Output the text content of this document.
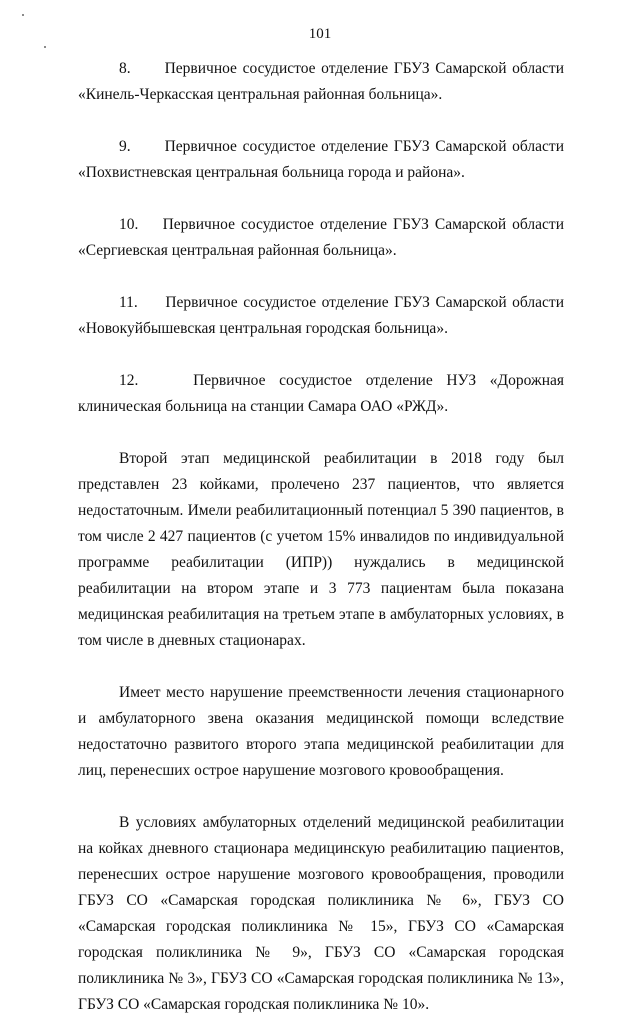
101

8.      Первичное сосудистое отделение ГБУЗ Самарской области «Кинель-Черкасская центральная районная больница».

9.      Первичное сосудистое отделение ГБУЗ Самарской области «Похвистневская центральная больница города и района».

10.    Первичное сосудистое отделение ГБУЗ Самарской области «Сергиевская центральная районная больница».

11.     Первичное сосудистое отделение ГБУЗ Самарской области «Новокуйбышевская центральная городская больница».

12.    Первичное сосудистое отделение НУЗ «Дорожная клиническая больница на станции Самара ОАО «РЖД».

Второй этап медицинской реабилитации в 2018 году был представлен 23 койками, пролечено 237 пациентов, что является недостаточным. Имели реабилитационный потенциал 5 390 пациентов, в том числе 2 427 пациентов (с учетом 15% инвалидов по индивидуальной программе реабилитации (ИПР)) нуждались в медицинской реабилитации на втором этапе и 3 773 пациентам была показана медицинская реабилитация на третьем этапе в амбулаторных условиях, в том числе в дневных стационарах.

Имеет место нарушение преемственности лечения стационарного и амбулаторного звена оказания медицинской помощи вследствие недостаточно развитого второго этапа медицинской реабилитации для лиц, перенесших острое нарушение мозгового кровообращения.

В условиях амбулаторных отделений медицинской реабилитации на койках дневного стационара медицинскую реабилитацию пациентов, перенесших острое нарушение мозгового кровообращения, проводили ГБУЗ СО «Самарская городская поликлиника № 6», ГБУЗ СО «Самарская городская поликлиника № 15», ГБУЗ СО «Самарская городская поликлиника № 9», ГБУЗ СО «Самарская городская поликлиника № 3», ГБУЗ СО «Самарская городская поликлиника № 13», ГБУЗ СО «Самарская городская поликлиника № 10».
